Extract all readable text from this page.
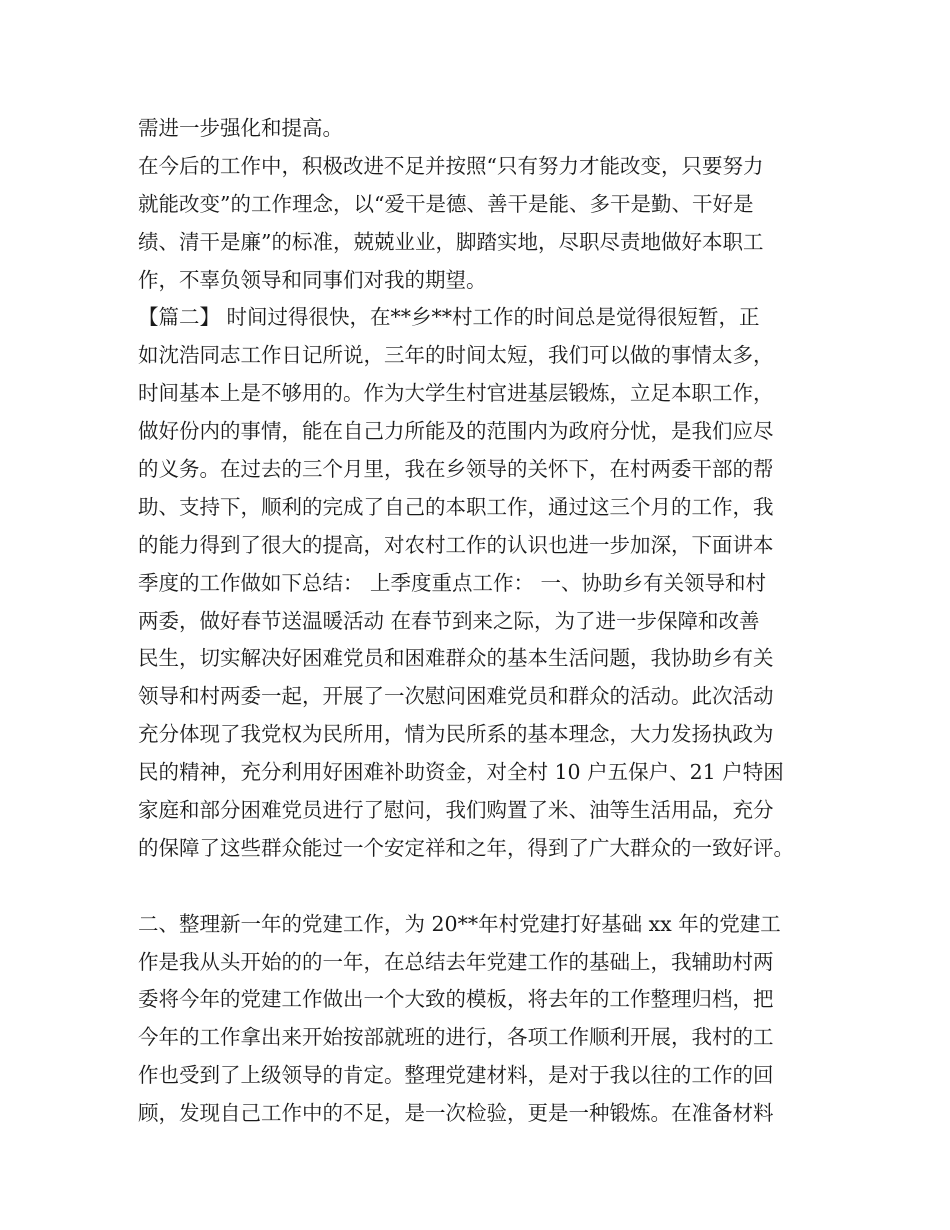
需进一步强化和提高。
在今后的工作中，积极改进不足并按照“只有努力才能改变，只要努力
就能改变”的工作理念，以“爱干是德、善干是能、多干是勤、干好是
绩、清干是廉”的标准，兢兢业业，脚踏实地，尽职尽责地做好本职工
作，不辜负领导和同事们对我的期望。
【篇二】 时间过得很快，在**乡**村工作的时间总是觉得很短暂，正
如沈浩同志工作日记所说，三年的时间太短，我们可以做的事情太多，
时间基本上是不够用的。作为大学生村官进基层锻炼，立足本职工作，
做好份内的事情，能在自己力所能及的范围内为政府分忧，是我们应尽
的义务。在过去的三个月里，我在乡领导的关怀下，在村两委干部的帮
助、支持下，顺利的完成了自己的本职工作，通过这三个月的工作，我
的能力得到了很大的提高，对农村工作的认识也进一步加深，下面讲本
季度的工作做如下总结： 上季度重点工作： 一、协助乡有关领导和村
两委，做好春节送温暖活动 在春节到来之际，为了进一步保障和改善
民生，切实解决好困难党员和困难群众的基本生活问题，我协助乡有关
领导和村两委一起，开展了一次慰问困难党员和群众的活动。此次活动
充分体现了我党权为民所用，情为民所系的基本理念，大力发扬执政为
民的精神，充分利用好困难补助资金，对全村 10 户五保户、21 户特困
家庭和部分困难党员进行了慰问，我们购置了米、油等生活用品，充分
的保障了这些群众能过一个安定祥和之年，得到了广大群众的一致好评。
二、整理新一年的党建工作，为 20**年村党建打好基础 xx 年的党建工
作是我从头开始的的一年，在总结去年党建工作的基础上，我辅助村两
委将今年的党建工作做出一个大致的模板，将去年的工作整理归档，把
今年的工作拿出来开始按部就班的进行，各项工作顺利开展，我村的工
作也受到了上级领导的肯定。整理党建材料，是对于我以往的工作的回
顾，发现自己工作中的不足，是一次检验，更是一种锻炼。在准备材料
